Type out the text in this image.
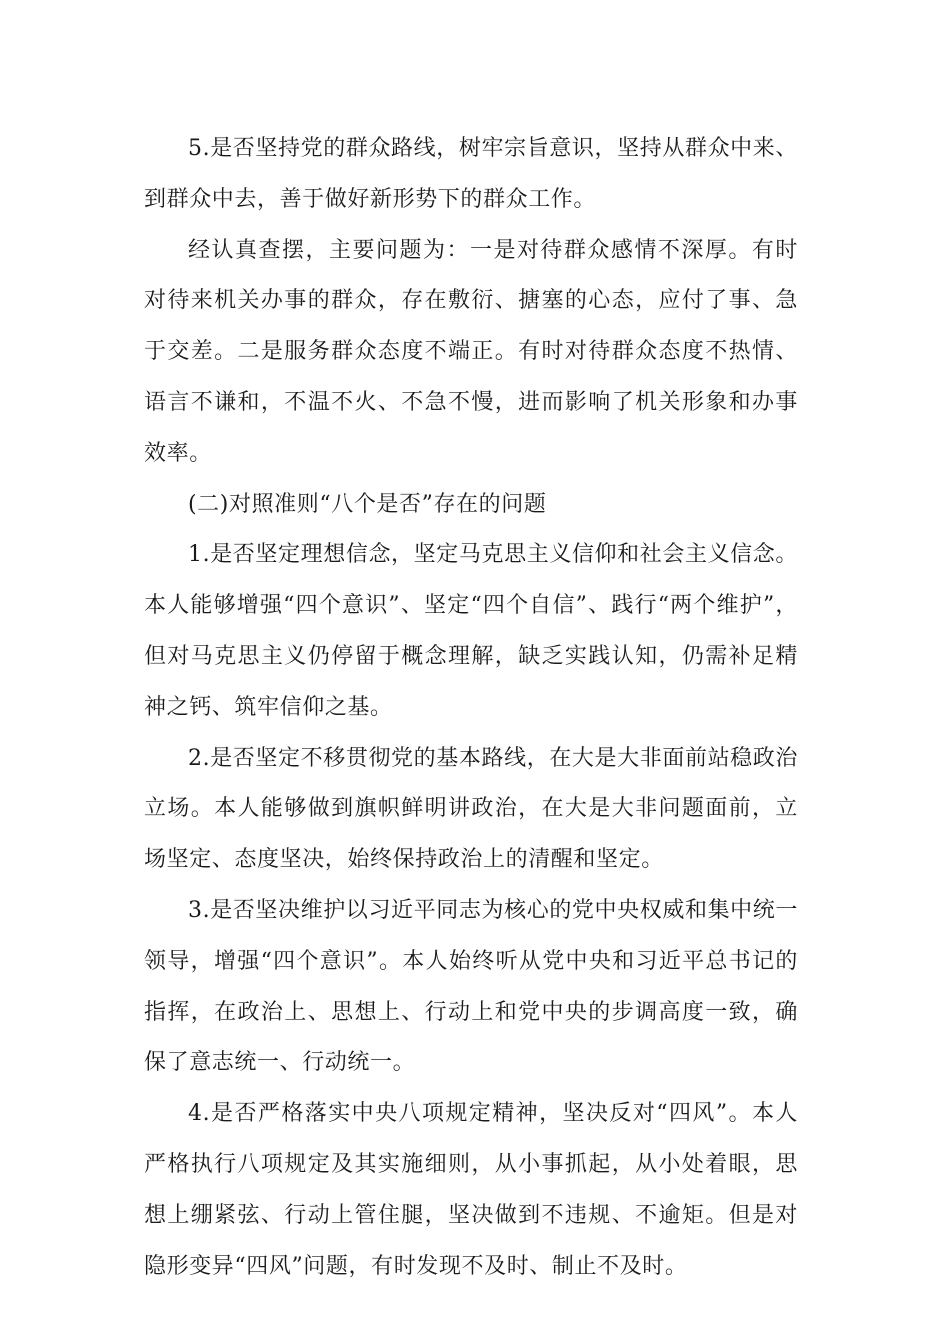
5.是否坚持党的群众路线，树牢宗旨意识，坚持从群众中来、到群众中去，善于做好新形势下的群众工作。

经认真查摆，主要问题为：一是对待群众感情不深厚。有时对待来机关办事的群众，存在敷衍、搪塞的心态，应付了事、急于交差。二是服务群众态度不端正。有时对待群众态度不热情、语言不谦和，不温不火、不急不慢，进而影响了机关形象和办事效率。

(二)对照准则“八个是否”存在的问题

1.是否坚定理想信念，坚定马克思主义信仰和社会主义信念。本人能够增强“四个意识”、坚定“四个自信”、践行“两个维护”，但对马克思主义仍停留于概念理解，缺乏实践认知，仍需补足精神之钙、筑牢信仰之基。

2.是否坚定不移贯彻党的基本路线，在大是大非面前站稳政治立场。本人能够做到旗帜鲜明讲政治，在大是大非问题面前，立场坚定、态度坚决，始终保持政治上的清醒和坚定。

3.是否坚决维护以习近平同志为核心的党中央权威和集中统一领导，增强“四个意识”。本人始终听从党中央和习近平总书记的指挥，在政治上、思想上、行动上和党中央的步调高度一致，确保了意志统一、行动统一。

4.是否严格落实中央八项规定精神，坚决反对“四风”。本人严格执行八项规定及其实施细则，从小事抓起，从小处着眼，思想上绷紧弦、行动上管住腿，坚决做到不违规、不逾矩。但是对隐形变异“四风”问题，有时发现不及时、制止不及时。
